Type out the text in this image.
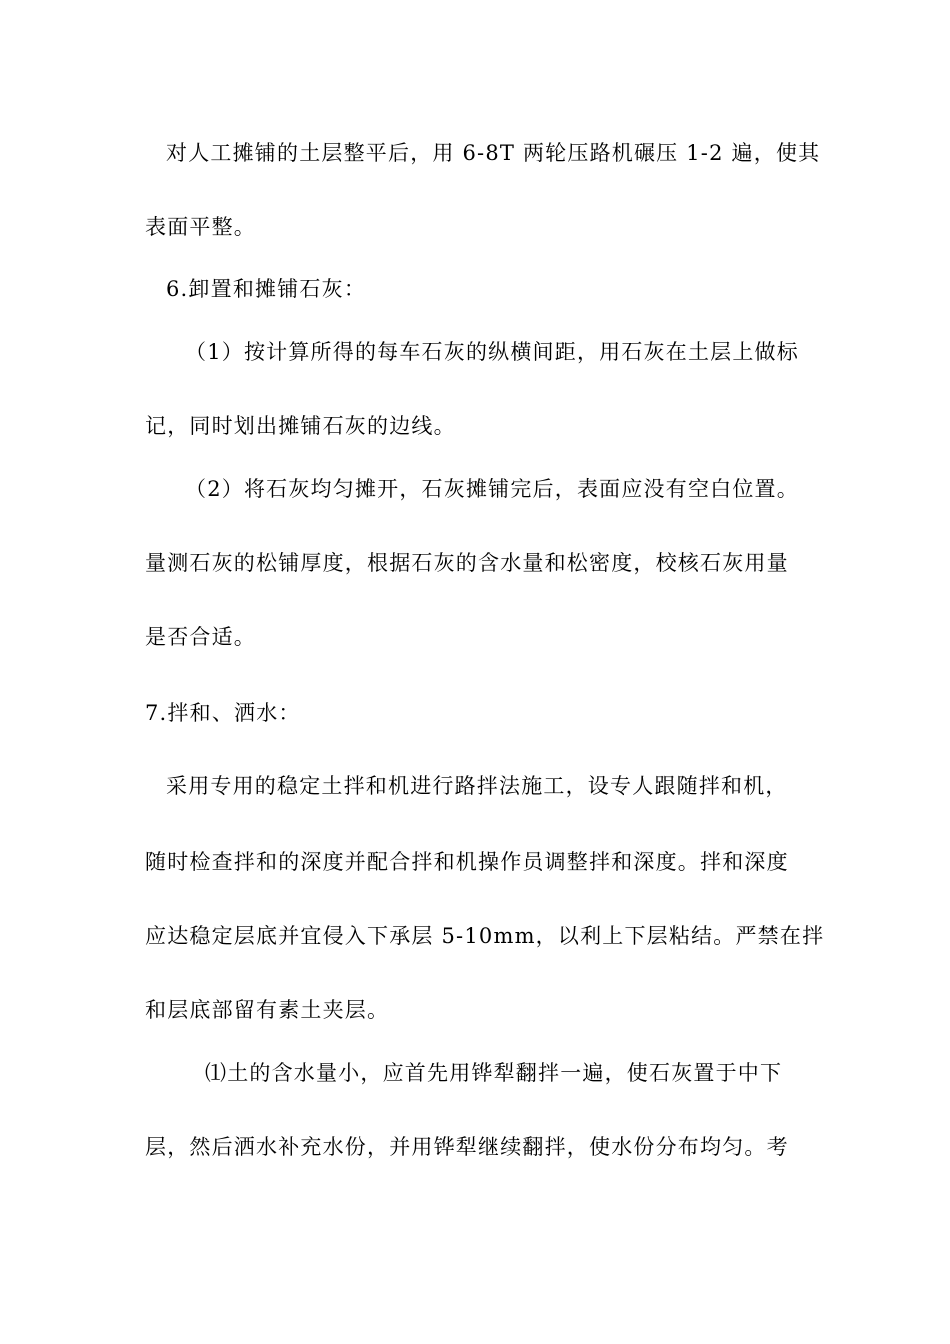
对人工摊铺的土层整平后，用 6-8T 两轮压路机碾压 1-2 遍，使其
表面平整。
6.卸置和摊铺石灰：
（1）按计算所得的每车石灰的纵横间距，用石灰在土层上做标
记，同时划出摊铺石灰的边线。
（2）将石灰均匀摊开，石灰摊铺完后，表面应没有空白位置。
量测石灰的松铺厚度，根据石灰的含水量和松密度，校核石灰用量
是否合适。
7.拌和、洒水：
采用专用的稳定土拌和机进行路拌法施工，设专人跟随拌和机，
随时检查拌和的深度并配合拌和机操作员调整拌和深度。拌和深度
应达稳定层底并宜侵入下承层 5-10mm，以利上下层粘结。严禁在拌
和层底部留有素土夹层。
⑴土的含水量小，应首先用铧犁翻拌一遍，使石灰置于中下
层，然后洒水补充水份，并用铧犁继续翻拌，使水份分布均匀。考
